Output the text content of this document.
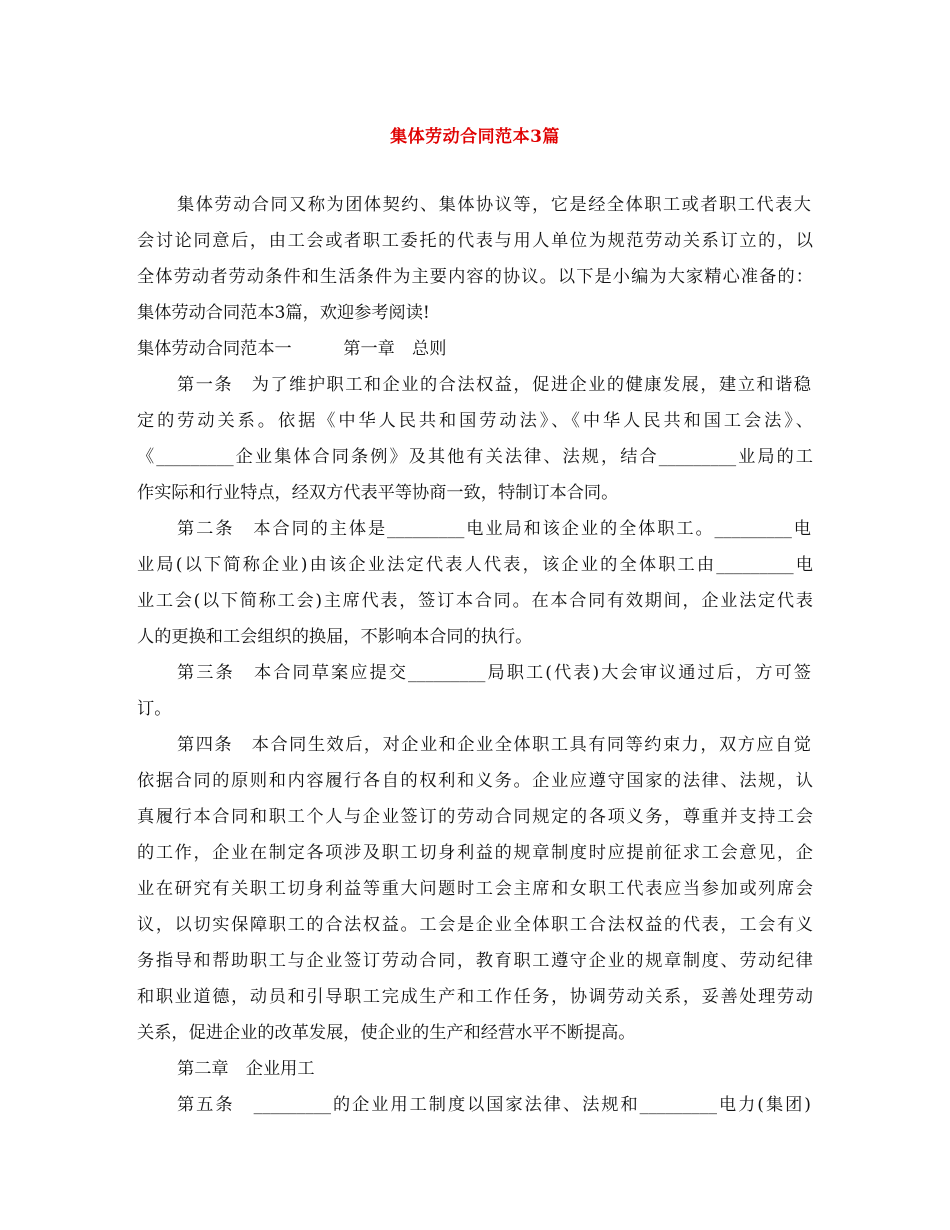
集体劳动合同范本3篇
集体劳动合同又称为团体契约、集体协议等，它是经全体职工或者职工代表大
会讨论同意后，由工会或者职工委托的代表与用人单位为规范劳动关系订立的，以
全体劳动者劳动条件和生活条件为主要内容的协议。以下是小编为大家精心准备的：
集体劳动合同范本3篇，欢迎参考阅读!
集体劳动合同范本一　　　第一章　总则
第一条　为了维护职工和企业的合法权益，促进企业的健康发展，建立和谐稳
定的劳动关系。依据《中华人民共和国劳动法》、《中华人民共和国工会法》、
《_________企业集体合同条例》及其他有关法律、法规，结合_________业局的工
作实际和行业特点，经双方代表平等协商一致，特制订本合同。
第二条　本合同的主体是_________电业局和该企业的全体职工。_________电
业局(以下简称企业)由该企业法定代表人代表，该企业的全体职工由_________电
业工会(以下简称工会)主席代表，签订本合同。在本合同有效期间，企业法定代表
人的更换和工会组织的换届，不影响本合同的执行。
第三条　本合同草案应提交_________局职工(代表)大会审议通过后，方可签
订。
第四条　本合同生效后，对企业和企业全体职工具有同等约束力，双方应自觉
依据合同的原则和内容履行各自的权利和义务。企业应遵守国家的法律、法规，认
真履行本合同和职工个人与企业签订的劳动合同规定的各项义务，尊重并支持工会
的工作，企业在制定各项涉及职工切身利益的规章制度时应提前征求工会意见，企
业在研究有关职工切身利益等重大问题时工会主席和女职工代表应当参加或列席会
议，以切实保障职工的合法权益。工会是企业全体职工合法权益的代表，工会有义
务指导和帮助职工与企业签订劳动合同，教育职工遵守企业的规章制度、劳动纪律
和职业道德，动员和引导职工完成生产和工作任务，协调劳动关系，妥善处理劳动
关系，促进企业的改革发展，使企业的生产和经营水平不断提高。
第二章　企业用工
第五条　_________的企业用工制度以国家法律、法规和_________电力(集团)
